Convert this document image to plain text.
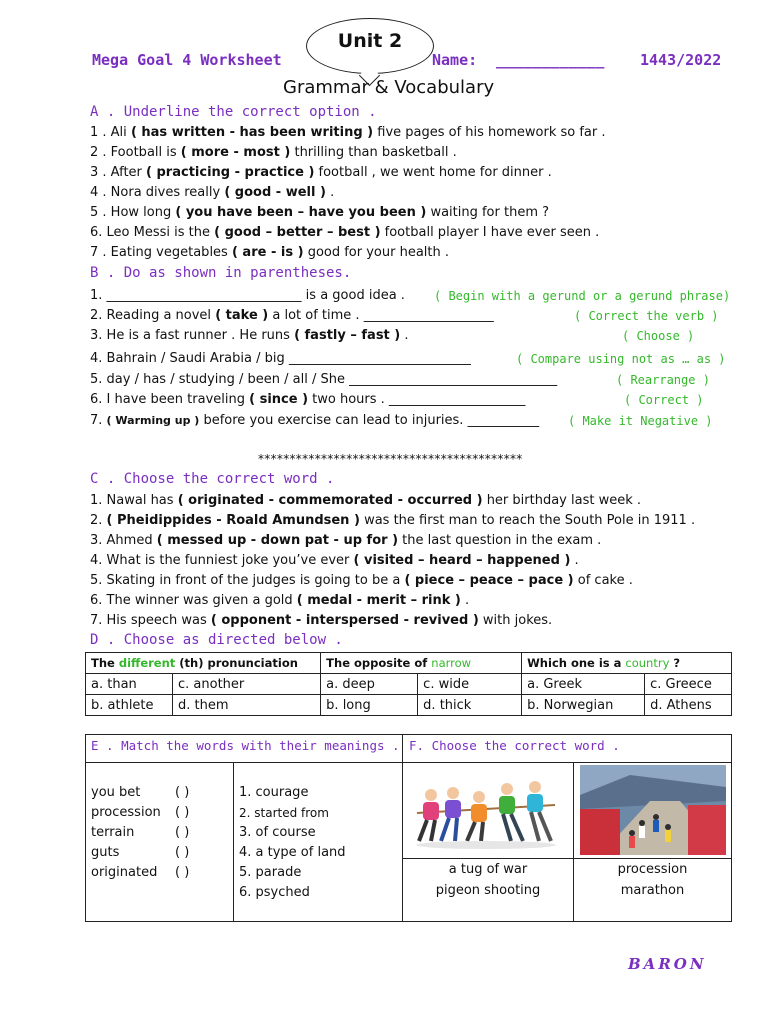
Mega Goal 4 Worksheet
Unit 2
Name: ____________ 1443/2022
Grammar & Vocabulary
A . Underline the correct option .
1 . Ali ( has written - has been writing ) five pages of his homework so far .
2 . Football is ( more - most ) thrilling than basketball .
3 . After ( practicing - practice ) football , we went home for dinner .
4 . Nora dives really ( good - well ) .
5 . How long ( you have been – have you been ) waiting for them ?
6. Leo Messi is the ( good – better – best ) football player I have ever seen .
7 . Eating vegetables ( are - is ) good for your health .
B . Do as shown in parentheses.
1. ______________________________ is a good idea . ( Begin with a gerund or a gerund phrase)
2. Reading a novel ( take ) a lot of time . ____________________	( Correct the verb )
3. He is a fast runner . He runs ( fastly – fast ) .	( Choose )
4. Bahrain / Saudi Arabia / big ____________________________	( Compare using not as … as )
5. day / has / studying / been / all / She ________________________________	( Rearrange )
6. I have been traveling ( since ) two hours . _____________________	( Correct )
7. ( Warming up ) before you exercise can lead to injuries. ___________ ( Make it Negative )
******************************************
C . Choose the correct word .
1. Nawal has ( originated - commemorated - occurred ) her birthday last week .
2. ( Pheidippides - Roald Amundsen ) was the first man to reach the South Pole in 1911 .
3. Ahmed ( messed up - down pat - up for ) the last question in the exam .
4. What is the funniest joke you’ve ever ( visited – heard – happened ) .
5. Skating in front of the judges is going to be a ( piece – peace – pace ) of cake .
6. The winner was given a gold ( medal - merit – rink ) .
7. His speech was ( opponent - interspersed - revived ) with jokes.
D . Choose as directed below .
The different (th) pronunciation		The opposite of narrow		Which one is a country ?	
a. than	c. another	a. deep	c. wide	a. Greek	c. Greece
b. athlete	d. them	b. long	d. thick	b. Norwegian	d. Athens
E . Match the words with their meanings .
you bet	( )
procession ( )
terrain	( )
guts	( )
originated ( )
1. courage
2. started from
3. of course
4. a type of land
5. parade
6. psyched
F. Choose the correct word .
a tug of war
pigeon shooting
procession
marathon
BARON
